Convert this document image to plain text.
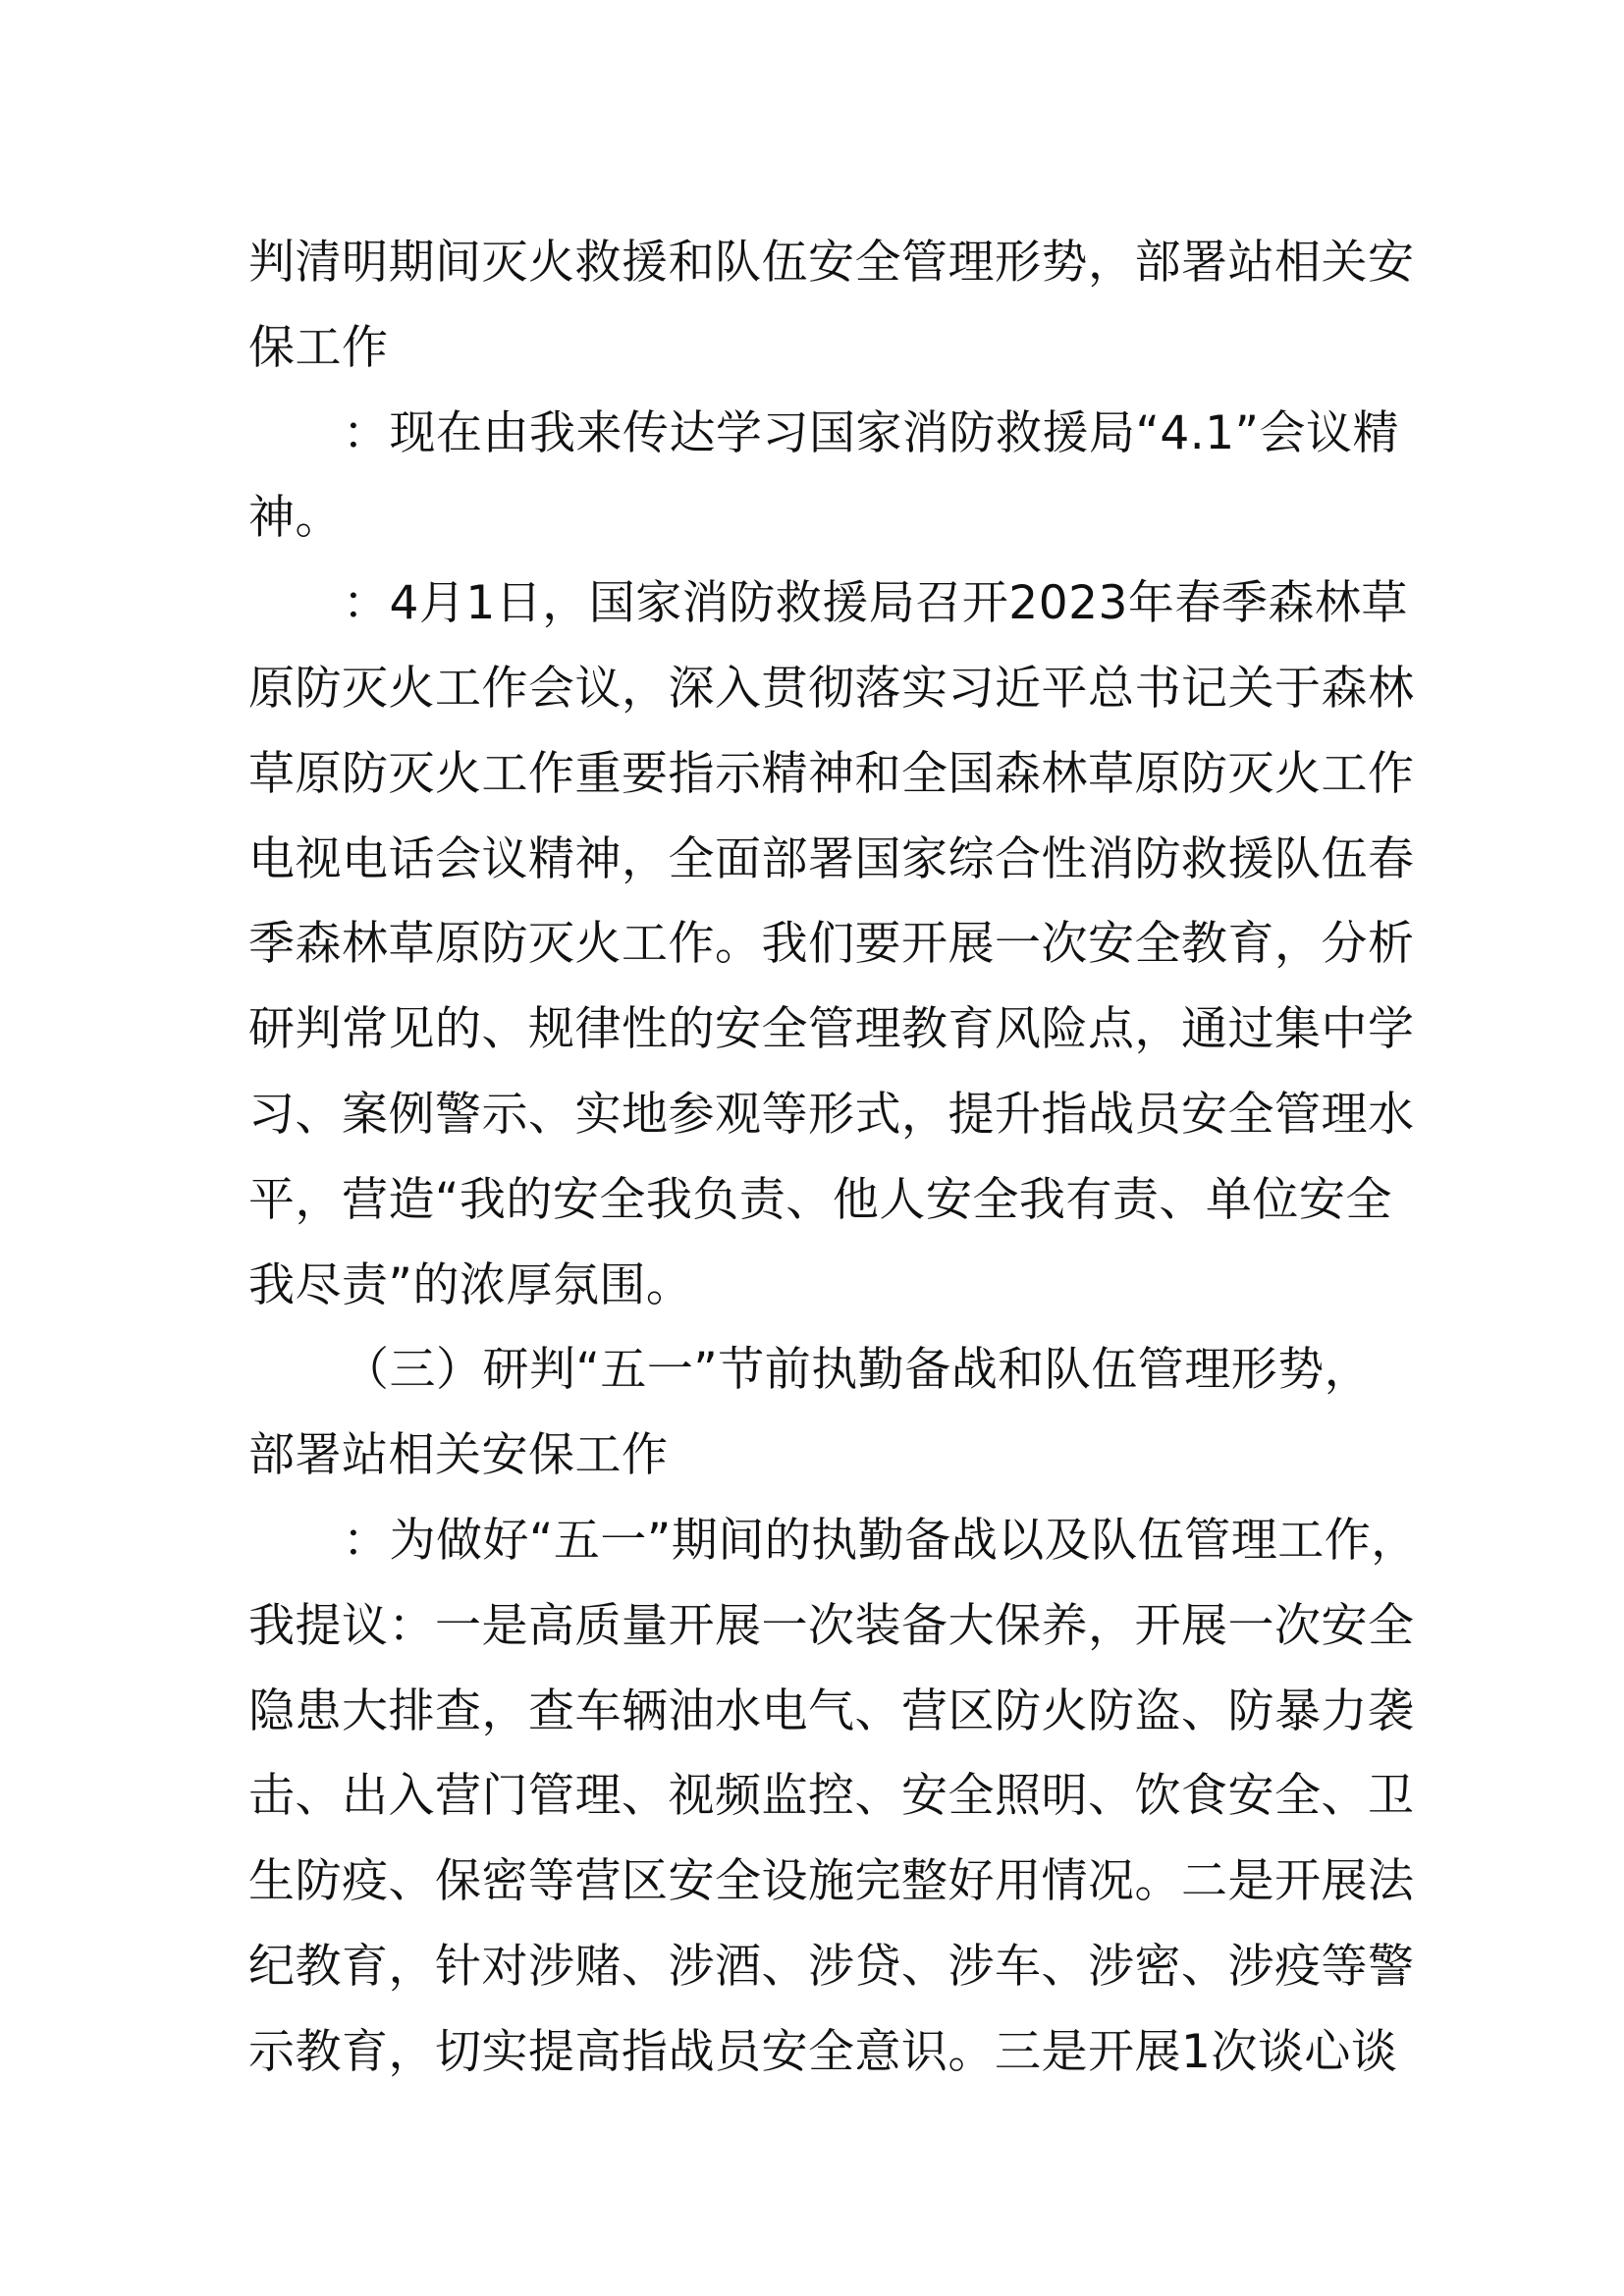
判清明期间灭火救援和队伍安全管理形势，部署站相关安
保工作
：现在由我来传达学习国家消防救援局“4.1”会议精
神。
：4月1日，国家消防救援局召开2023年春季森林草
原防灭火工作会议，深入贯彻落实习近平总书记关于森林
草原防灭火工作重要指示精神和全国森林草原防灭火工作
电视电话会议精神，全面部署国家综合性消防救援队伍春
季森林草原防灭火工作。我们要开展一次安全教育，分析
研判常见的、规律性的安全管理教育风险点，通过集中学
习、案例警示、实地参观等形式，提升指战员安全管理水
平，营造“我的安全我负责、他人安全我有责、单位安全
我尽责”的浓厚氛围。
（三）研判“五一”节前执勤备战和队伍管理形势，
部署站相关安保工作
：为做好“五一”期间的执勤备战以及队伍管理工作，
我提议：一是高质量开展一次装备大保养，开展一次安全
隐患大排查，查车辆油水电气、营区防火防盗、防暴力袭
击、出入营门管理、视频监控、安全照明、饮食安全、卫
生防疫、保密等营区安全设施完整好用情况。二是开展法
纪教育，针对涉赌、涉酒、涉贷、涉车、涉密、涉疫等警
示教育，切实提高指战员安全意识。三是开展1次谈心谈
